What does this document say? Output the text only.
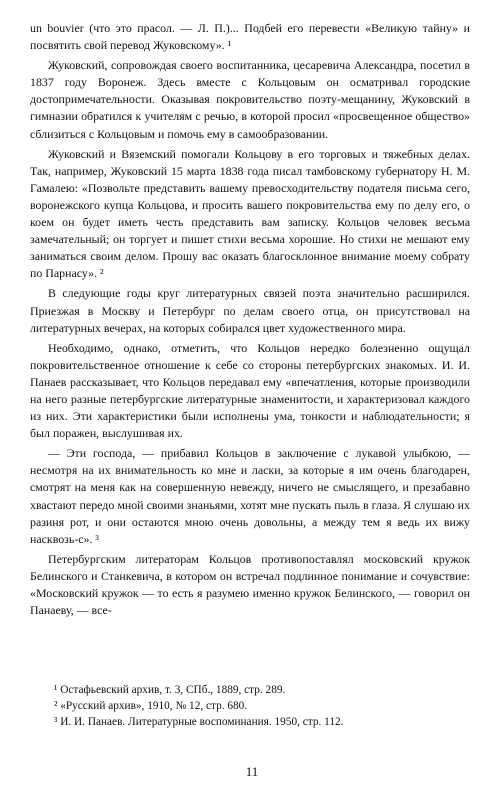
un bouvier (что это прасол. — Л. П.)... Подбей его перевести «Великую тайну» и посвятить свой перевод Жуковскому». ¹

Жуковский, сопровождая своего воспитанника, цесаревича Александра, посетил в 1837 году Воронеж. Здесь вместе с Кольцовым он осматривал городские достопримечательности. Оказывая покровительство поэту-мещанину, Жуковский в гимназии обратился к учителям с речью, в которой просил «просвещенное общество» сблизиться с Кольцовым и помочь ему в самообразовании.

Жуковский и Вяземский помогали Кольцову в его торговых и тяжебных делах. Так, например, Жуковский 15 марта 1838 года писал тамбовскому губернатору Н. М. Гамалею: «Позвольте представить вашему превосходительству подателя письма сего, воронежского купца Кольцова, и просить вашего покровительства ему по делу его, о коем он будет иметь честь представить вам записку. Кольцов человек весьма замечательный; он торгует и пишет стихи весьма хорошие. Но стихи не мешают ему заниматься своим делом. Прошу вас оказать благосклонное внимание моему собрату по Парнасу». ²

В следующие годы круг литературных связей поэта значительно расширился. Приезжая в Москву и Петербург по делам своего отца, он присутствовал на литературных вечерах, на которых собирался цвет художественного мира.

Необходимо, однако, отметить, что Кольцов нередко болезненно ощущал покровительственное отношение к себе со стороны петербургских знакомых. И. И. Панаев рассказывает, что Кольцов передавал ему «впечатления, которые производили на него разные петербургские литературные знаменитости, и характеризовал каждого из них. Эти характеристики были исполнены ума, тонкости и наблюдательности; я был поражен, выслушивая их.

— Эти господа, — прибавил Кольцов в заключение с лукавой улыбкою, — несмотря на их внимательность ко мне и ласки, за которые я им очень благодарен, смотрят на меня как на совершенную невежду, ничего не смыслящего, и презабавно хвастают передо мной своими знаньями, хотят мне пускать пыль в глаза. Я слушаю их разиня рот, и они остаются мною очень довольны, а между тем я ведь их вижу насквозь-с». ³

Петербургским литераторам Кольцов противопоставлял московский кружок Белинского и Станкевича, в котором он встречал подлинное понимание и сочувствие: «Московский кружок — то есть я разумею именно кружок Белинского, — говорил он Панаеву, — все-

¹ Остафьевский архив, т. 3, СПб., 1889, стр. 289.

² «Русский архив», 1910, № 12, стр. 680.

³ И. И. Панаев. Литературные воспоминания. 1950, стр. 112.

11
